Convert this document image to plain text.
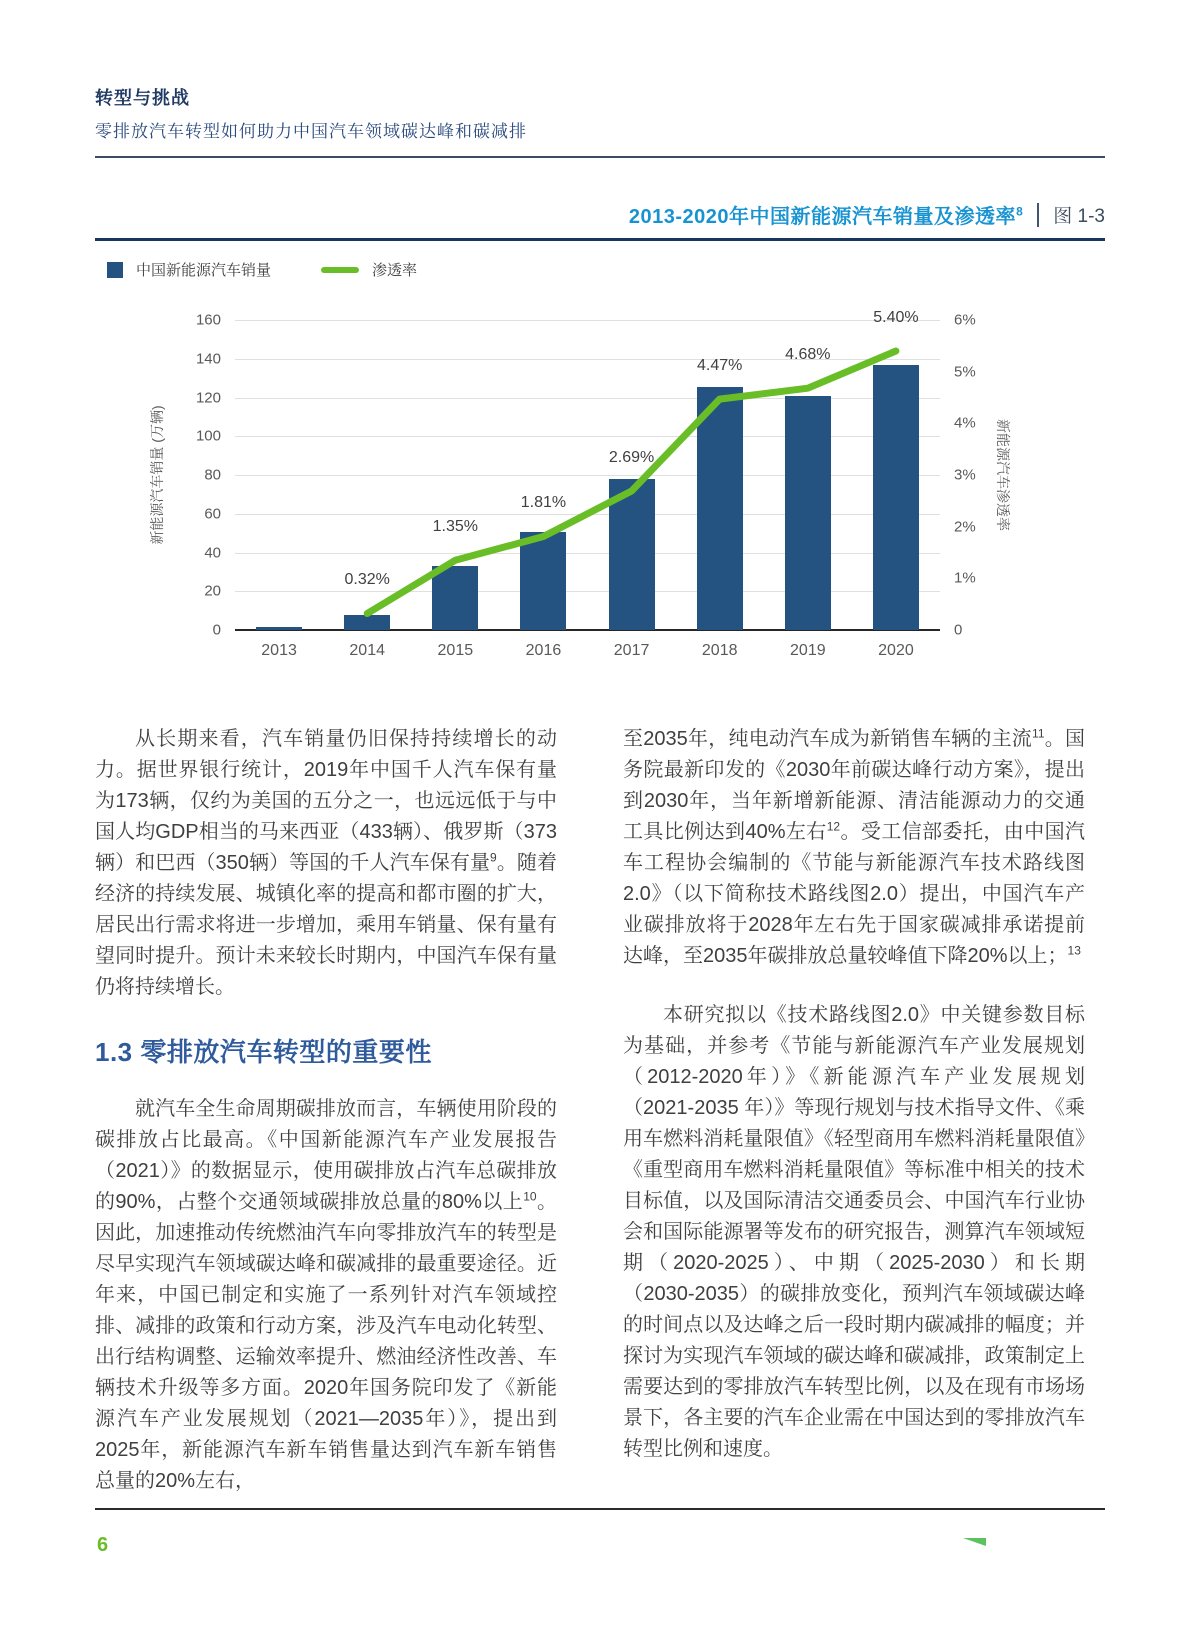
转型与挑战
零排放汽车转型如何助力中国汽车领域碳达峰和碳减排
2013-2020年中国新能源汽车销量及渗透率$^8$ 图 1-3
中国新能源汽车销量	渗透率
新能源汽车销量 (万辆)
0
20
40
60
80
100
120
140
160
0
1%
2%
3%
4%
5%
6%
2013	2014	2015	2016	2017	2018	2019	2020
0.32%
1.35%
1.81%
2.69%
4.47%
4.68%
5.40%
新能源汽车渗透率

从长期来看，汽车销量仍旧保持持续增长的动力。据世界银行统计，2019年中国千人汽车保有量为173辆，仅约为美国的五分之一，也远远低于与中国人均GDP相当的马来西亚（433辆）、俄罗斯（373辆）和巴西（350辆）等国的千人汽车保有量$^9$。随着经济的持续发展、城镇化率的提高和都市圈的扩大，居民出行需求将进一步增加，乘用车销量、保有量有望同时提升。预计未来较长时期内，中国汽车保有量仍将持续增长。

1.3 零排放汽车转型的重要性

就汽车全生命周期碳排放而言，车辆使用阶段的碳排放占比最高。《中国新能源汽车产业发展报告（2021）》的数据显示，使用碳排放占汽车总碳排放的90%，占整个交通领域碳排放总量的80%以上$^{10}$。因此，加速推动传统燃油汽车向零排放汽车的转型是尽早实现汽车领域碳达峰和碳减排的最重要途径。近年来，中国已制定和实施了一系列针对汽车领域控排、减排的政策和行动方案，涉及汽车电动化转型、出行结构调整、运输效率提升、燃油经济性改善、车辆技术升级等多方面。2020年国务院印发了《新能源汽车产业发展规划（2021—2035年）》，提出到2025年，新能源汽车新车销售量达到汽车新车销售总量的20%左右，

至2035年，纯电动汽车成为新销售车辆的主流$^{11}$。国务院最新印发的《2030年前碳达峰行动方案》，提出到2030年，当年新增新能源、清洁能源动力的交通工具比例达到40%左右$^{12}$。受工信部委托，由中国汽车工程协会编制的《节能与新能源汽车技术路线图2.0》（以下简称技术路线图2.0）提出，中国汽车产业碳排放将于2028年左右先于国家碳减排承诺提前达峰，至2035年碳排放总量较峰值下降20%以上；$^{13}$

本研究拟以《技术路线图2.0》中关键参数目标为基础，并参考《节能与新能源汽车产业发展规划（2012-2020年）》《新能源汽车产业发展规划（2021-2035 年）》等现行规划与技术指导文件、《乘用车燃料消耗量限值》《轻型商用车燃料消耗量限值》《重型商用车燃料消耗量限值》等标准中相关的技术目标值，以及国际清洁交通委员会、中国汽车行业协会和国际能源署等发布的研究报告，测算汽车领域短期（2020-2025）、中期（2025-2030）和长期（2030-2035）的碳排放变化，预判汽车领域碳达峰的时间点以及达峰之后一段时期内碳减排的幅度；并探讨为实现汽车领域的碳达峰和碳减排，政策制定上需要达到的零排放汽车转型比例，以及在现有市场场景下，各主要的汽车企业需在中国达到的零排放汽车转型比例和速度。

6
